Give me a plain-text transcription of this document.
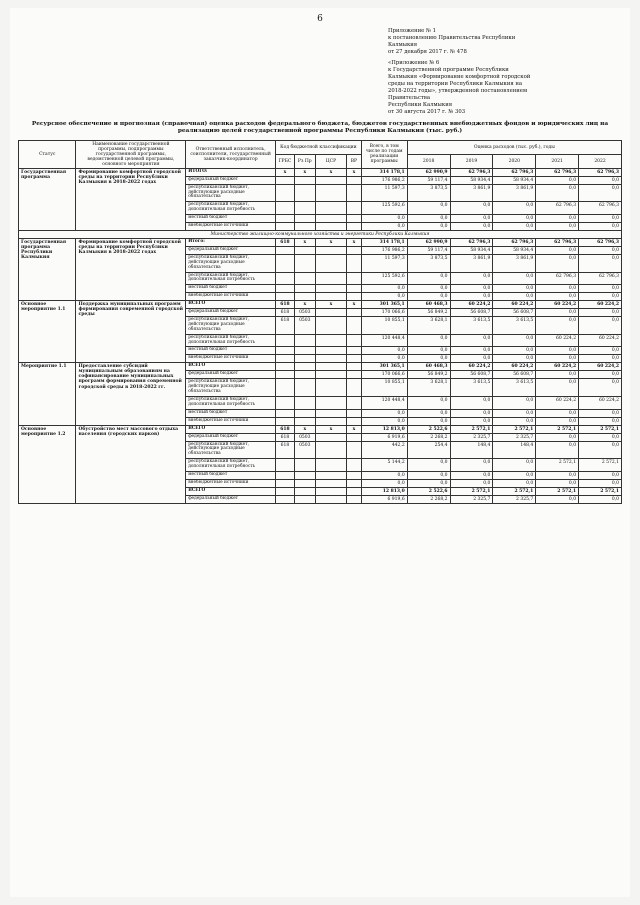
6
Приложение № 1
к постановлению Правительства Республики
Калмыкия
от 27 декабря 2017 г. № 478
«Приложение № 6
к Государственной программе Республики
Калмыкия «Формирование комфортной городской
среды на территории Республики Калмыкия на
2018-2022 годы», утвержденной постановлением
Правительства
Республики Калмыкия
от 30 августа 2017 г. № 303
Ресурсное обеспечение и прогнозная (справочная) оценка расходов федерального бюджета, бюджетов государственных внебюджетных фондов и юридических лиц на реализацию целей государственной программы Республики Калмыкия (тыс. руб.)
Статус	Наименование государственной программы, подпрограммы государственной программы, ведомственной целевой программы, основного мероприятия	Ответственный исполнитель, соисполнители, государственный заказчик-координатор	Код бюджетной классификации				Всего, в том числе по годам реализации программы	Оценка расходов (тыс. руб.), годы				
			ГРБС	Рз Пр	ЦСР	ВР		2018	2019	2020	2021	2022
Государственная программа	Формирование комфортной городской среды на территории Республики Калмыкия в 2018-2022 годах	ИТОГО:	x	x	x	x	314 178,1	62 990,9	62 796,3	62 796,3	62 796,3	62 796,3
		федеральный бюджет					176 986,2	59 117,4	58 934,4	58 934,4	0,0	0,0
		республиканский бюджет, действующие расходные обязательства					11 597,3	3 873,5	3 861,9	3 861,9	0,0	0,0
		республиканский бюджет, дополнительная потребность					125 592,6	0,0	0,0	0,0	62 796,3	62 796,3
		местный бюджет					0,0	0,0	0,0	0,0	0,0	0,0
		внебюджетные источники					0,0	0,0	0,0	0,0	0,0	0,0
Министерство жилищно-коммунального хозяйства и энергетики Республики Калмыкия												
Государственная программа Республики Калмыкия	Формирование комфортной городской среды на территории Республики Калмыкия в 2018-2022 годах	Итого:	618	x	x	x	314 178,1	62 990,9	62 796,3	62 796,3	62 796,3	62 796,3
		федеральный бюджет					176 986,2	59 117,4	58 934,4	58 934,4	0,0	0,0
		республиканский бюджет, действующие расходные обязательства					11 597,3	3 873,5	3 861,9	3 861,9	0,0	0,0
		республиканский бюджет, дополнительная потребность					125 592,6	0,0	0,0	0,0	62 796,3	62 796,3
		местный бюджет					0,0	0,0	0,0	0,0	0,0	0,0
		внебюджетные источники					0,0	0,0	0,0	0,0	0,0	0,0
Основное мероприятие 1.1	Поддержка муниципальных программ формирования современной городской среды	ВСЕГО	618	x	x	x	301 365,1	60 468,3	60 224,2	60 224,2	60 224,2	60 224,2
		федеральный бюджет	618	0503			170 066,6	56 849,2	56 608,7	56 608,7	0,0	0,0
		республиканский бюджет, действующие расходные обязательства	618	0503			10 855,1	3 628,1	3 613,5	3 613,5	0,0	0,0
		республиканский бюджет, дополнительная потребность					120 448,4	0,0	0,0	0,0	60 224,2	60 224,2
		местный бюджет					0,0	0,0	0,0	0,0	0,0	0,0
		внебюджетные источники					0,0	0,0	0,0	0,0	0,0	0,0
Мероприятие 1.1	Предоставление субсидий муниципальным образованиям на софинансирование муниципальных программ формирования современной городской среды в 2018-2022 гг.	ВСЕГО					301 365,1	60 468,3	60 224,2	60 224,2	60 224,2	60 224,2
		федеральный бюджет					170 066,6	56 849,2	56 608,7	56 608,7	0,0	0,0
		республиканский бюджет, действующие расходные обязательства					10 855,1	3 628,1	3 613,5	3 613,5	0,0	0,0
		республиканский бюджет, дополнительная потребность					120 448,4	0,0	0,0	0,0	60 224,2	60 224,2
		местный бюджет					0,0	0,0	0,0	0,0	0,0	0,0
		внебюджетные источники					0,0	0,0	0,0	0,0	0,0	0,0
Основное мероприятие 1.2	Обустройство мест массового отдыха населения (городских парков)	ВСЕГО	618	x	x	x	12 813,0	2 522,6	2 572,1	2 572,1	2 572,1	2 572,1
		федеральный бюджет	618	0503			6 919,6	2 268,2	2 325,7	2 325,7	0,0	0,0
		республиканский бюджет, действующие расходные обязательства	618	0503			442,2	254,4	148,4	148,4	0,0	0,0
		республиканский бюджет, дополнительная потребность					5 144,2	0,0	0,0	0,0	2 572,1	2 572,1
		местный бюджет					0,0	0,0	0,0	0,0	0,0	0,0
		внебюджетные источники					0,0	0,0	0,0	0,0	0,0	0,0
		ВСЕГО					12 813,0	2 522,6	2 572,1	2 572,1	2 572,1	2 572,1
		федеральный бюджет					6 919,6	2 268,2	2 325,7	2 325,7	0,0	0,0
